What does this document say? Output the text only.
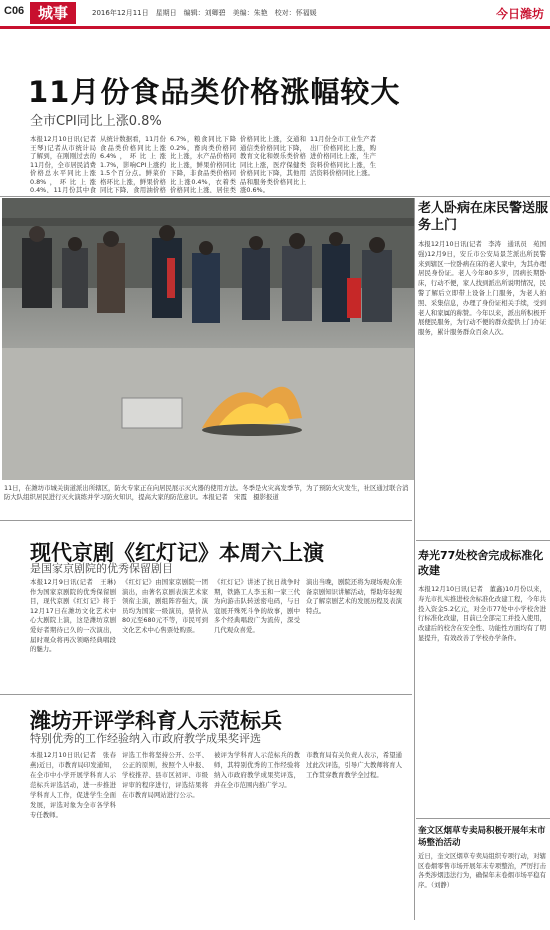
C06 城事	2016年12月11日　星期日　编辑：刘卿碧　美编：朱艳　校对：怀福媛	今日潍坊
11月份食品类价格涨幅较大
全市CPI同比上涨0.8%
本报12月10日讯(记者　王琴)记者从市统计局了解到，在刚刚过去的11月份，全市居民消费价格总水平同比上涨0.8%，环比上涨0.4%，11月份其中食
从统计数据看，11月份食品类价格同比上涨6.4%，环比上涨1.7%，影响CPI上涨约1.5个百分点。鲜菜价格环比上涨，鲜果价格同比下降，食用油价格
6.7%，粮食同比下降0.2%，畜肉类价格同比上涨，水产品价格同比上涨，鲜果价格同比下降，非食品类价格同比上涨0.4%，衣着类价格同比上涨，居住类
价格同比上涨，交通和通信类价格同比下降，教育文化和娱乐类价格同比上涨，医疗保健类价格同比下降，其他用品和服务类价格同比上涨0.6%。
11月份全市工业生产者出厂价格同比上涨，购进价格同比上涨，生产资料价格同比上涨，生活资料价格同比上涨。
11日，在潍坊市城关街道派出所辖区，防火专家正在向居民展示灭火器的使用方法。冬季是火灾高发季节，为了预防火灾发生，社区通过联合消防大队组织居民进行灭火演练并学习防火知识，提高大家的防范意识。本报记者　宋霞　摄影报道
老人卧病在床民警送服务上门
本报12月10日讯(记者　李涛　通讯员　苑国强)12月9日，安丘市公安局景芝派出所民警来到辖区一位卧病在床的老人家中，为其办理居民身份证。老人今年80多岁，因病长期卧床，行动不便，家人找到派出所说明情况，民警了解后立即带上设备上门服务，为老人拍照、采集信息，办理了身份证相关手续，受到老人和家属的称赞。今年以来，派出所积极开展便民服务，为行动不便的群众提供上门办证服务，累计服务群众百余人次。
现代京剧《红灯记》本周六上演
是国家京剧院的优秀保留剧目
本报12月9日讯(记者　王琳)作为国家京剧院的优秀保留剧目，现代京剧《红灯记》将于12月17日在潍坊文化艺术中心大剧院上演，这是潍坊京剧爱好者期待已久的一次演出，届时观众将再次领略经典唱段的魅力。
《红灯记》由国家京剧院一团演出，由著名京剧表演艺术家领衔主演，剧组阵容强大，演员均为国家一级演员，票价从80元至680元不等，市民可到文化艺术中心售票处购票。
《红灯记》讲述了抗日战争时期，铁路工人李玉和一家三代为向游击队转送密电码，与日寇展开殊死斗争的故事，剧中多个经典唱段广为流传，深受几代观众喜爱。
演出当晚，剧院还将为现场观众准备京剧知识讲解活动，帮助年轻观众了解京剧艺术的发展历程及表演特点。
寿光77处校舍完成标准化改建
本报12月10日讯(记者　董鑫)10月份以来，寿光市扎实推进校舍标准化改建工程，今年共投入资金5.2亿元，对全市77处中小学校舍进行标准化改建，目前已全部完工并投入使用，改建后的校舍在安全性、功能性方面均有了明显提升，有效改善了学校办学条件。
潍坊开评学科育人示范标兵
特别优秀的工作经验纳入市政府教学成果奖评选
本报12月10日讯(记者　张春燕)近日，市教育局印发通知，在全市中小学开展学科育人示范标兵评选活动，进一步推进学科育人工作，促进学生全面发展，评选对象为全市各学科专任教师。
评选工作将坚持公开、公平、公正的原则，按照个人申报、学校推荐、县市区初评、市级评审的程序进行，评选结果将在市教育局网站进行公示。
被评为学科育人示范标兵的教师，其特别优秀的工作经验将纳入市政府教学成果奖评选，并在全市范围内推广学习。
市教育局有关负责人表示，希望通过此次评选，引导广大教师将育人工作贯穿教育教学全过程。
奎文区烟草专卖局积极开展年末市场整治活动
近日，奎文区烟草专卖局组织专项行动，对辖区卷烟零售市场开展年末专项整治，严厉打击各类涉烟违法行为，确保年末卷烟市场平稳有序。（刘静）
